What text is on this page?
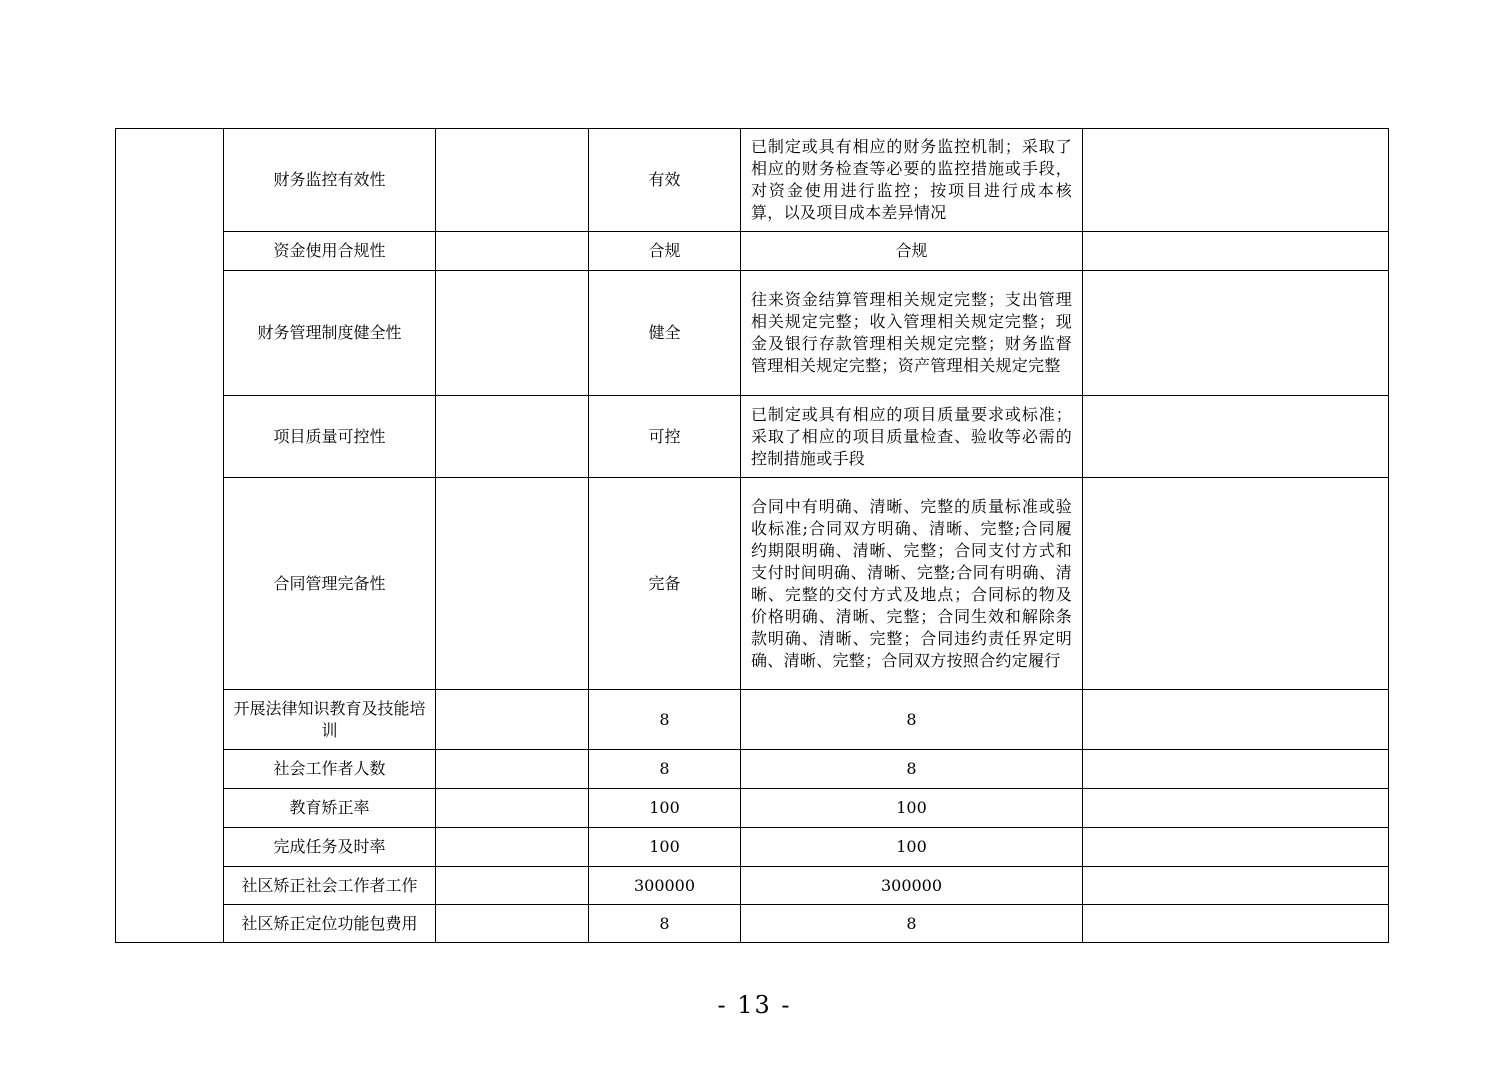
	财务监控有效性		有效	已制定或具有相应的财务监控机制；采取了相应的财务检查等必要的监控措施或手段，对资金使用进行监控；按项目进行成本核算，以及项目成本差异情况	
	资金使用合规性		合规	合规	
	财务管理制度健全性		健全	往来资金结算管理相关规定完整；支出管理相关规定完整；收入管理相关规定完整；现金及银行存款管理相关规定完整；财务监督管理相关规定完整；资产管理相关规定完整	
	项目质量可控性		可控	已制定或具有相应的项目质量要求或标准；采取了相应的项目质量检查、验收等必需的控制措施或手段	
	合同管理完备性		完备	合同中有明确、清晰、完整的质量标准或验收标准;合同双方明确、清晰、完整;合同履约期限明确、清晰、完整；合同支付方式和支付时间明确、清晰、完整;合同有明确、清晰、完整的交付方式及地点；合同标的物及价格明确、清晰、完整；合同生效和解除条款明确、清晰、完整；合同违约责任界定明确、清晰、完整；合同双方按照合约定履行	
	开展法律知识教育及技能培训		8	8	
	社会工作者人数		8	8	
	教育矫正率		100	100	
	完成任务及时率		100	100	
	社区矫正社会工作者工作		300000	300000	
	社区矫正定位功能包费用		8	8	
- 13 -
